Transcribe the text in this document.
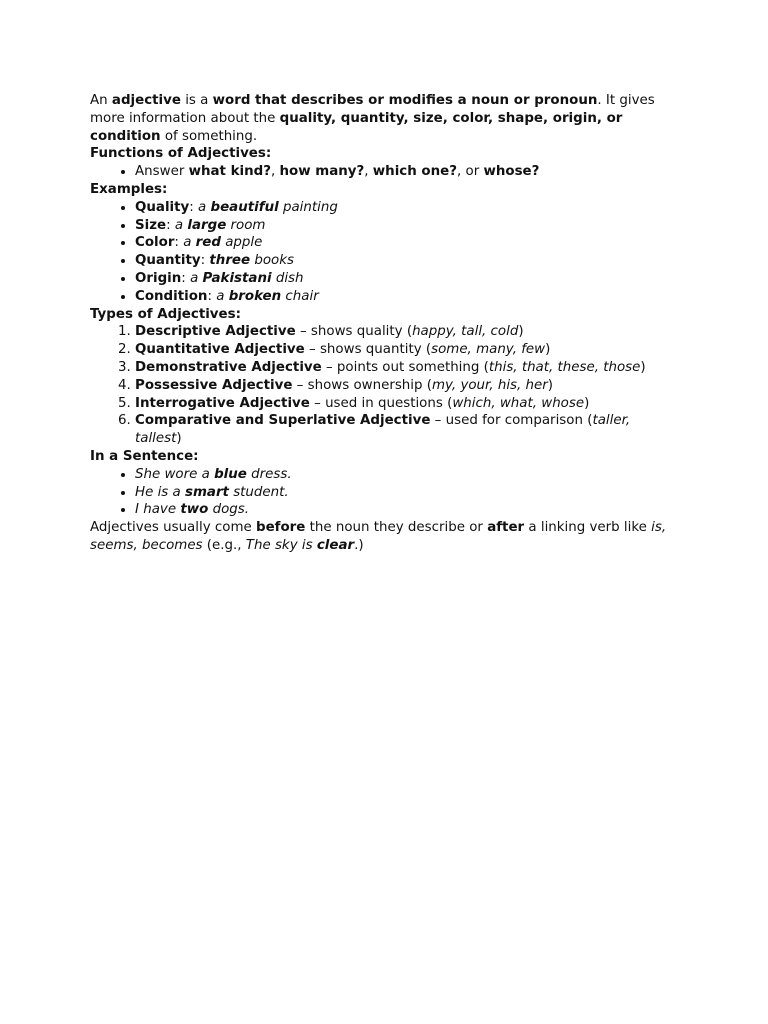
An adjective is a word that describes or modifies a noun or pronoun. It gives more information about the quality, quantity, size, color, shape, origin, or condition of something.

Functions of Adjectives:

• Answer what kind?, how many?, which one?, or whose?

Examples:

• Quality: a beautiful painting
• Size: a large room
• Color: a red apple
• Quantity: three books
• Origin: a Pakistani dish
• Condition: a broken chair

Types of Adjectives:

1. Descriptive Adjective – shows quality (happy, tall, cold)
2. Quantitative Adjective – shows quantity (some, many, few)
3. Demonstrative Adjective – points out something (this, that, these, those)
4. Possessive Adjective – shows ownership (my, your, his, her)
5. Interrogative Adjective – used in questions (which, what, whose)
6. Comparative and Superlative Adjective – used for comparison (taller, tallest)

In a Sentence:

• She wore a blue dress.
• He is a smart student.
• I have two dogs.

Adjectives usually come before the noun they describe or after a linking verb like is, seems, becomes (e.g., The sky is clear.)
